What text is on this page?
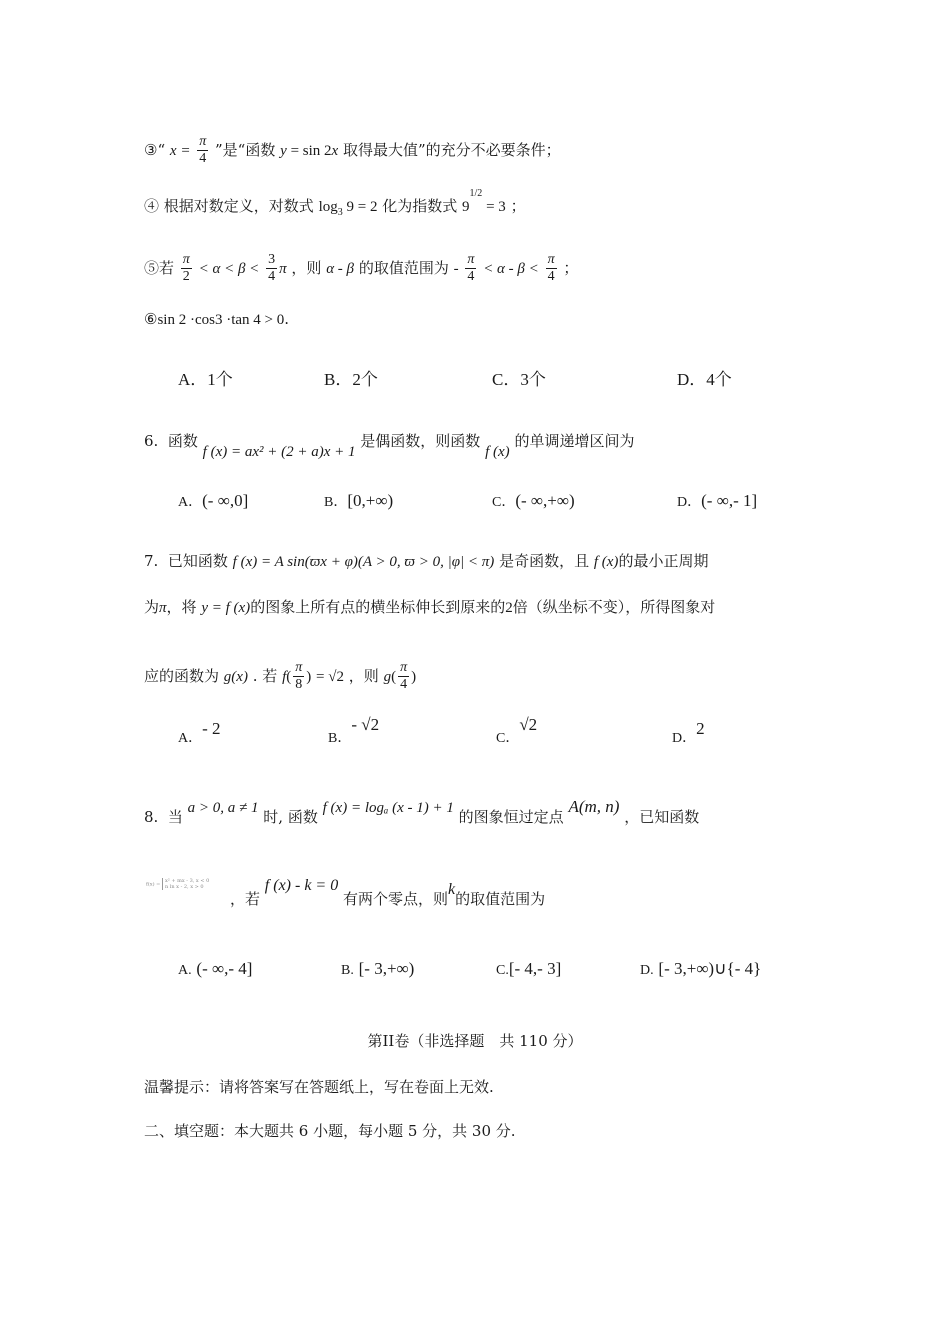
③“ $x = \frac{\pi}{4}$ ”是“函数 y = sin 2x 取得最大值”的充分不必要条件；
④ 根据对数定义，对数式 $\log_3 9 = 2$ 化为指数式 $9^{1/2} = 3$ ；
⑤若 $\frac{\pi}{2} < \alpha < \beta < \frac{3}{4}$ π ，则 α - β 的取值范围为 - $\frac{\pi}{4} < \alpha - \beta < \frac{\pi}{4}$ ；
⑥sin 2 ·cos3 ·tan 4 > 0.
A．1个	B．2个	C．3个	D．4个
6. 函数 f (x) = ax² + (2 + a)x + 1 是偶函数，则函数 f (x) 的单调递增区间为
A．(- ∞,0]	B．[0,+∞)	C．(- ∞,+∞)	D．(- ∞,- 1]
7. 已知函数 f (x) = A sin(ϖx + φ)(A > 0, ϖ > 0, |φ| < π) 是奇函数，且 f (x)的最小正周期
为π，将 y = f (x)的图象上所有点的横坐标伸长到原来的2倍（纵坐标不变），所得图象对
应的函数为 g(x) . 若 $f( \frac{\pi}{8}$ ) = √2 ，则 $g( \frac{\pi}{4}$ )
A．- 2
B．- √2
C．√2
D．2
8. 当 a > 0, a ≠ 1 时, 函数 f (x) = logₐ (x - 1) + 1 的图象恒过定点 A(m, n) ，已知函数
f(x) = x² + mx - 3, x < 0
n ln x - 2, x > 0
，若 f (x) - k = 0 有两个零点，则k的取值范围为
A. (- ∞,- 4]	B. [- 3,+∞)	C.[- 4,- 3]	D. [- 3,+∞)∪{- 4}
第II卷（非选择题　共 110 分）
温馨提示：请将答案写在答题纸上，写在卷面上无效.
二、填空题：本大题共 6 小题，每小题 5 分，共 30 分.
